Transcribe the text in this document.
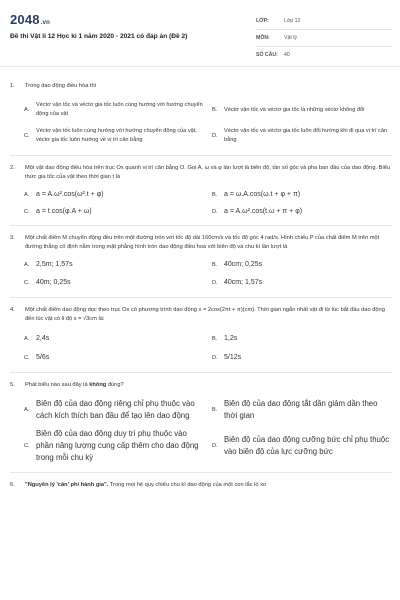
2048.vn
Đề thi Vật lí 12 Học kì 1 năm 2020 - 2021 có đáp án (Đề 2)
LỚP:	Lớp 12
MÔN:	Vật lý
SỐ CÂU:	40
1.	Trong dao động điều hòa thì
A.
Véctơ vận tốc và véctơ gia tốc luôn cùng hướng với hướng chuyển động của vật
B.	Véctơ vận tốc và véctơ gia tốc là những véctơ không đổi
C.
Véctơ vận tốc luôn cùng hướng với hướng chuyển động của vật, véctơ gia tốc luôn hướng về vị trí cân bằng
D.
Véctơ vận tốc và véctơ gia tốc luôn đổi hướng khi đi qua vị trí cân bằng
2.	Một vật dao động điều hòa trên trục Ox quanh vị trí cân bằng O. Gọi A, ω và φ lần lượt là biên độ, tần số góc và pha ban đầu của dao động. Biểu thức gia tốc của vật theo thời gian t là
A. a = A.ω².cos(ω².t + φ)	B. a = ω.A.cos(ω.t + φ + π)
C. a = t.cos(φ.A + ω)	D. a = A.ω².cos(t.ω + π + φ)
3.	Một chất điểm M chuyển động đều trên một đường tròn với tốc độ dài 160cm/s và tốc độ góc 4 rad/s. Hình chiếu P của chất điểm M trên một đường thẳng cố định nằm trong mặt phẳng hình tròn dao động điều hoà với biên độ và chu kì lần lượt là
A. 2,5m; 1,57s	B. 40cm; 0,25s
C. 40m; 0,25s	D. 40cm; 1,57s
4.	Một chất điểm dao động dọc theo trục Ox có phương trình dao động x = 2cos(2πt + π)(cm). Thời gian ngắn nhất vật đi từ lúc bắt đầu dao động đến lúc vật có li độ x = √3cm là:
A. 2,4s	B. 1,2s
C. 5/6s	D. 5/12s
5.	Phát biểu nào sau đây là không đúng?
A.
Biên độ của dao động riêng chỉ phụ thuộc vào cách kích thích ban đầu để tạo lên dao động
B.
Biên độ của dao động tắt dần giảm dần theo thời gian
C.
Biên độ của dao động duy trì phụ thuộc vào phần năng lượng cung cấp thêm cho dao động trong mỗi chu kỳ
D.
Biên độ của dao động cưỡng bức chỉ phụ thuộc vào biên độ của lực cưỡng bức
6.	"Nguyên lý 'cân' phi hành gia". Trong mọi hệ quy chiếu chu kì dao động của một con lắc lò xo
